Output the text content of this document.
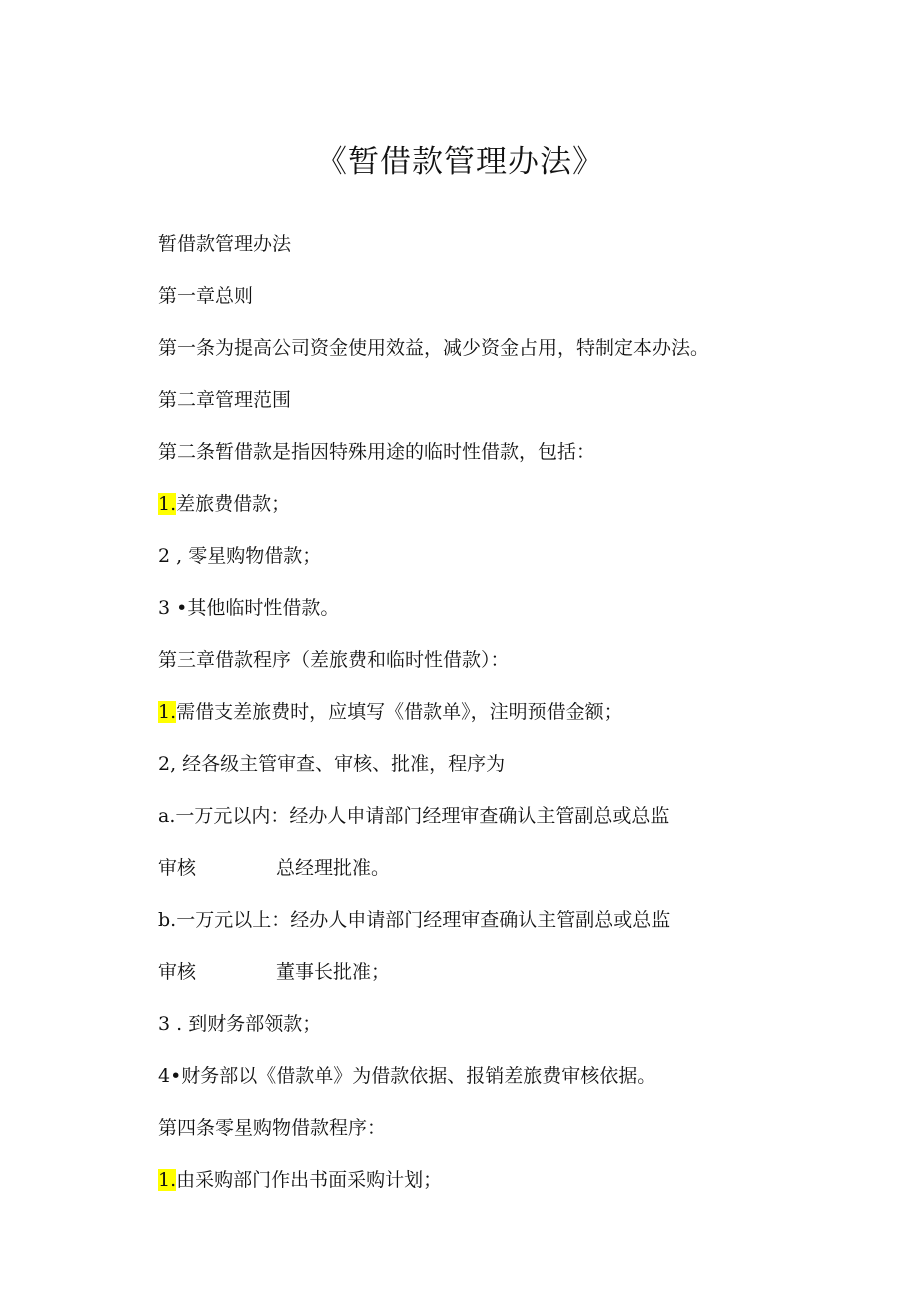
《暂借款管理办法》
暂借款管理办法
第一章总则
第一条为提高公司资金使用效益，减少资金占用，特制定本办法。
第二章管理范围
第二条暂借款是指因特殊用途的临时性借款，包括：
1.差旅费借款；
2 , 零星购物借款；
3 •其他临时性借款。
第三章借款程序（差旅费和临时性借款）：
1.需借支差旅费时，应填写《借款单》，注明预借金额；
2, 经各级主管审查、审核、批准，程序为
a.一万元以内：经办人申请部门经理审查确认主管副总或总监
审核	总经理批准。
b.一万元以上：经办人申请部门经理审查确认主管副总或总监
审核	董事长批准；
3 . 到财务部领款；
4•财务部以《借款单》为借款依据、报销差旅费审核依据。
第四条零星购物借款程序：
1.由采购部门作出书面采购计划；
